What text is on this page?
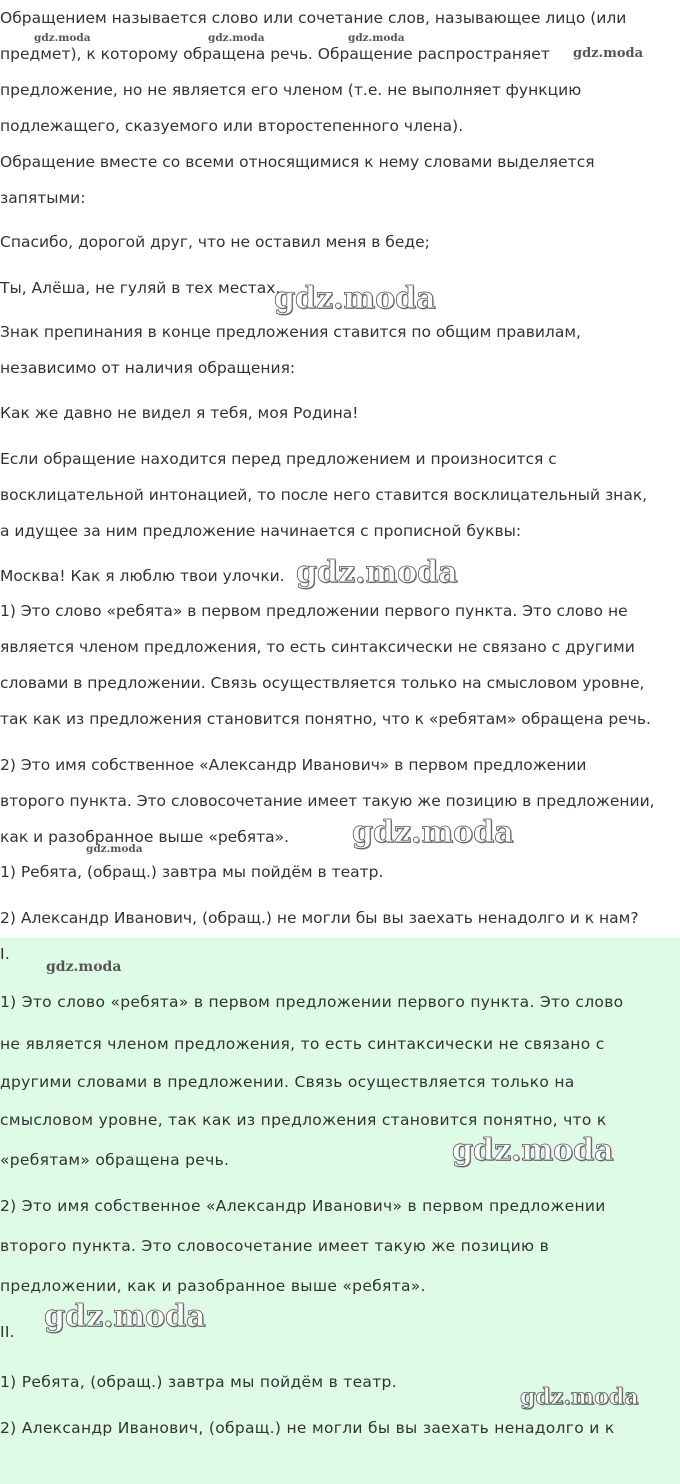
Обращением называется слово или сочетание слов, называющее лицо (или

предмет), к которому обращена речь. Обращение распространяет

предложение, но не является его членом (т.е. не выполняет функцию

подлежащего, сказуемого или второстепенного члена).

Обращение вместе со всеми относящимися к нему словами выделяется

запятыми:

Спасибо, дорогой друг, что не оставил меня в беде;

Ты, Алёша, не гуляй в тех местах.

Знак препинания в конце предложения ставится по общим правилам,

независимо от наличия обращения:

Как же давно не видел я тебя, моя Родина!

Если обращение находится перед предложением и произносится с

восклицательной интонацией, то после него ставится восклицательный знак,

а идущее за ним предложение начинается с прописной буквы:

Москва! Как я люблю твои улочки.

1) Это слово «ребята» в первом предложении первого пункта. Это слово не

является членом предложения, то есть синтаксически не связано с другими

словами в предложении. Связь осуществляется только на смысловом уровне,

так как из предложения становится понятно, что к «ребятам» обращена речь.

2) Это имя собственное «Александр Иванович» в первом предложении

второго пункта. Это словосочетание имеет такую же позицию в предложении,

как и разобранное выше «ребята».

1) Ребята, (обращ.) завтра мы пойдём в театр.

2) Александр Иванович, (обращ.) не могли бы вы заехать ненадолго и к нам?

I.

1) Это слово «ребята» в первом предложении первого пункта. Это слово

не является членом предложения, то есть синтаксически не связано с

другими словами в предложении. Связь осуществляется только на

смысловом уровне, так как из предложения становится понятно, что к

«ребятам» обращена речь.

2) Это имя собственное «Александр Иванович» в первом предложении

второго пункта. Это словосочетание имеет такую же позицию в

предложении, как и разобранное выше «ребята».

II.

1) Ребята, (обращ.) завтра мы пойдём в театр.

2) Александр Иванович, (обращ.) не могли бы вы заехать ненадолго и к

gdz.moda	gdz.moda	gdz.moda
gdz.moda
gdz.moda
gdz.moda
gdz.moda
gdz.moda
gdz.moda
gdz.moda
gdz.moda
gdz.moda
